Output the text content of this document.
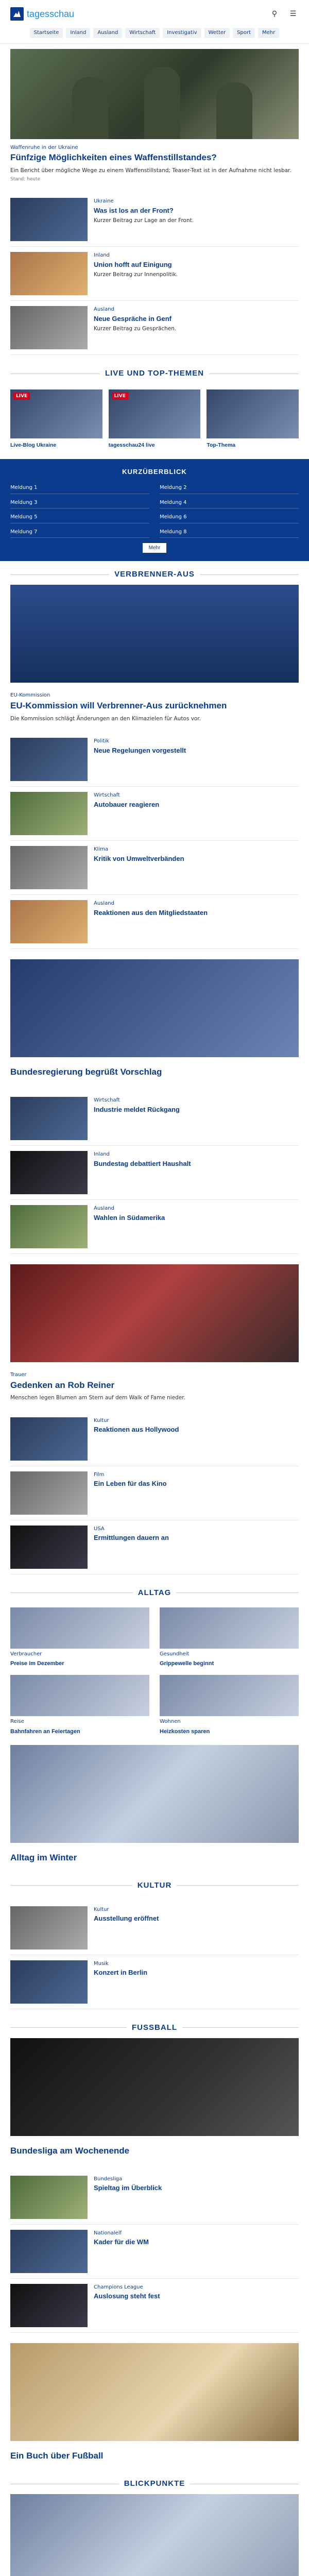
tagesschau	⚲	☰
Startseite	Inland	Ausland	Wirtschaft	Investigativ	Wetter	Sport	Mehr
Waffenruhe in der Ukraine
Fünfzige Möglichkeiten eines Waffenstillstandes?
Ein Bericht über mögliche Wege zu einem Waffenstillstand; Teaser-Text ist in der Aufnahme nicht lesbar.
Stand: heute
Ukraine
Was ist los an der Front?
Kurzer Beitrag zur Lage an der Front.
Inland
Union hofft auf Einigung
Kurzer Beitrag zur Innenpolitik.
Ausland
Neue Gespräche in Genf
Kurzer Beitrag zu Gesprächen.
LIVE UND TOP-THEMEN
LIVE
Live-Blog Ukraine
LIVE
tagesschau24 live	Top-Thema
KURZÜBERBLICK
Meldung 1	Meldung 2
Meldung 3	Meldung 4
Meldung 5	Meldung 6
Meldung 7	Meldung 8
Mehr
VERBRENNER-AUS
EU-Kommission
EU-Kommission will Verbrenner-Aus zurücknehmen
Die Kommission schlägt Änderungen an den Klimazielen für Autos vor.
Politik
Neue Regelungen vorgestellt
Wirtschaft
Autobauer reagieren
Klima
Kritik von Umweltverbänden
Ausland
Reaktionen aus den Mitgliedstaaten
Bundesregierung begrüßt Vorschlag
Wirtschaft
Industrie meldet Rückgang
Inland
Bundestag debattiert Haushalt
Ausland
Wahlen in Südamerika
Trauer
Gedenken an Rob Reiner
Menschen legen Blumen am Stern auf dem Walk of Fame nieder.
Kultur
Reaktionen aus Hollywood
Film
Ein Leben für das Kino
USA
Ermittlungen dauern an
ALLTAG
Verbraucher
Preise im Dezember
Gesundheit
Grippewelle beginnt
Reise
Bahnfahren an Feiertagen
Wohnen
Heizkosten sparen
Alltag im Winter
KULTUR
Kultur
Ausstellung eröffnet
Musik
Konzert in Berlin
FUSSBALL
Bundesliga am Wochenende
Bundesliga
Spieltag im Überblick
Nationalelf
Kader für die WM
Champions League
Auslosung steht fest
Ein Buch über Fußball
BLICKPUNKTE
